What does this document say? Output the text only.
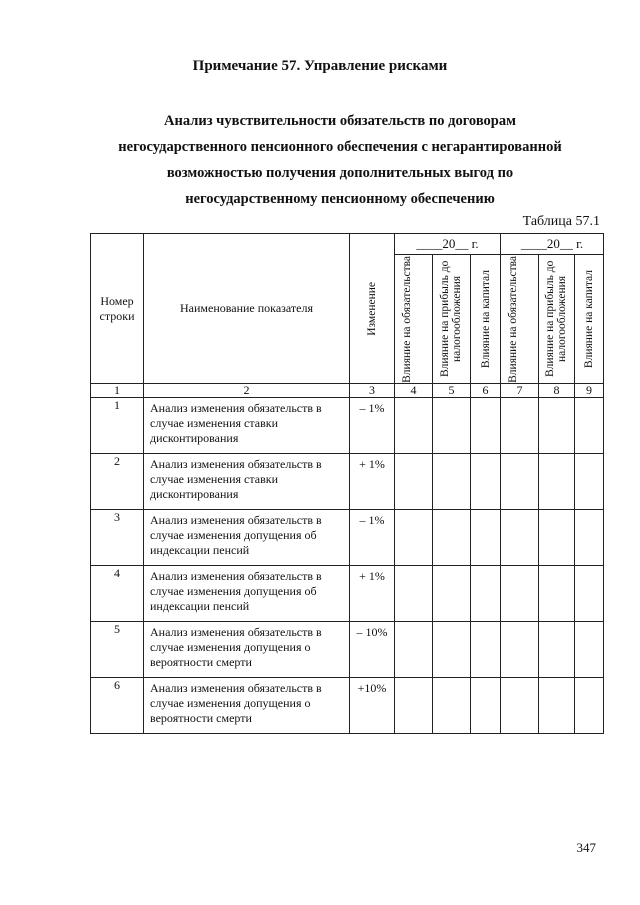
Примечание 57. Управление рисками
Анализ чувствительности обязательств по договорам
негосударственного пенсионного обеспечения с негарантированной
возможностью получения дополнительных выгод по
негосударственному пенсионному обеспечению
Таблица 57.1
Номер строки	Наименование показателя	Изменение	____20__ г.			____20__ г.		

			Влияние на обязательства	Влияние на прибыль до налогообложения	Влияние на капитал	Влияние на обязательства	Влияние на прибыль до налогообложения	Влияние на капитал

1	2	3	4	5	6	7	8	9
1	Анализ изменения обязательств в случае изменения ставки дисконтирования	– 1%						
2	Анализ изменения обязательств в случае изменения ставки дисконтирования	+ 1%						
3	Анализ изменения обязательств в случае изменения допущения об индексации пенсий	– 1%						
4	Анализ изменения обязательств в случае изменения допущения об индексации пенсий	+ 1%						
5	Анализ изменения обязательств в случае изменения допущения о вероятности смерти	– 10%						
6	Анализ изменения обязательств в случае изменения допущения о вероятности смерти	+10%						
347
